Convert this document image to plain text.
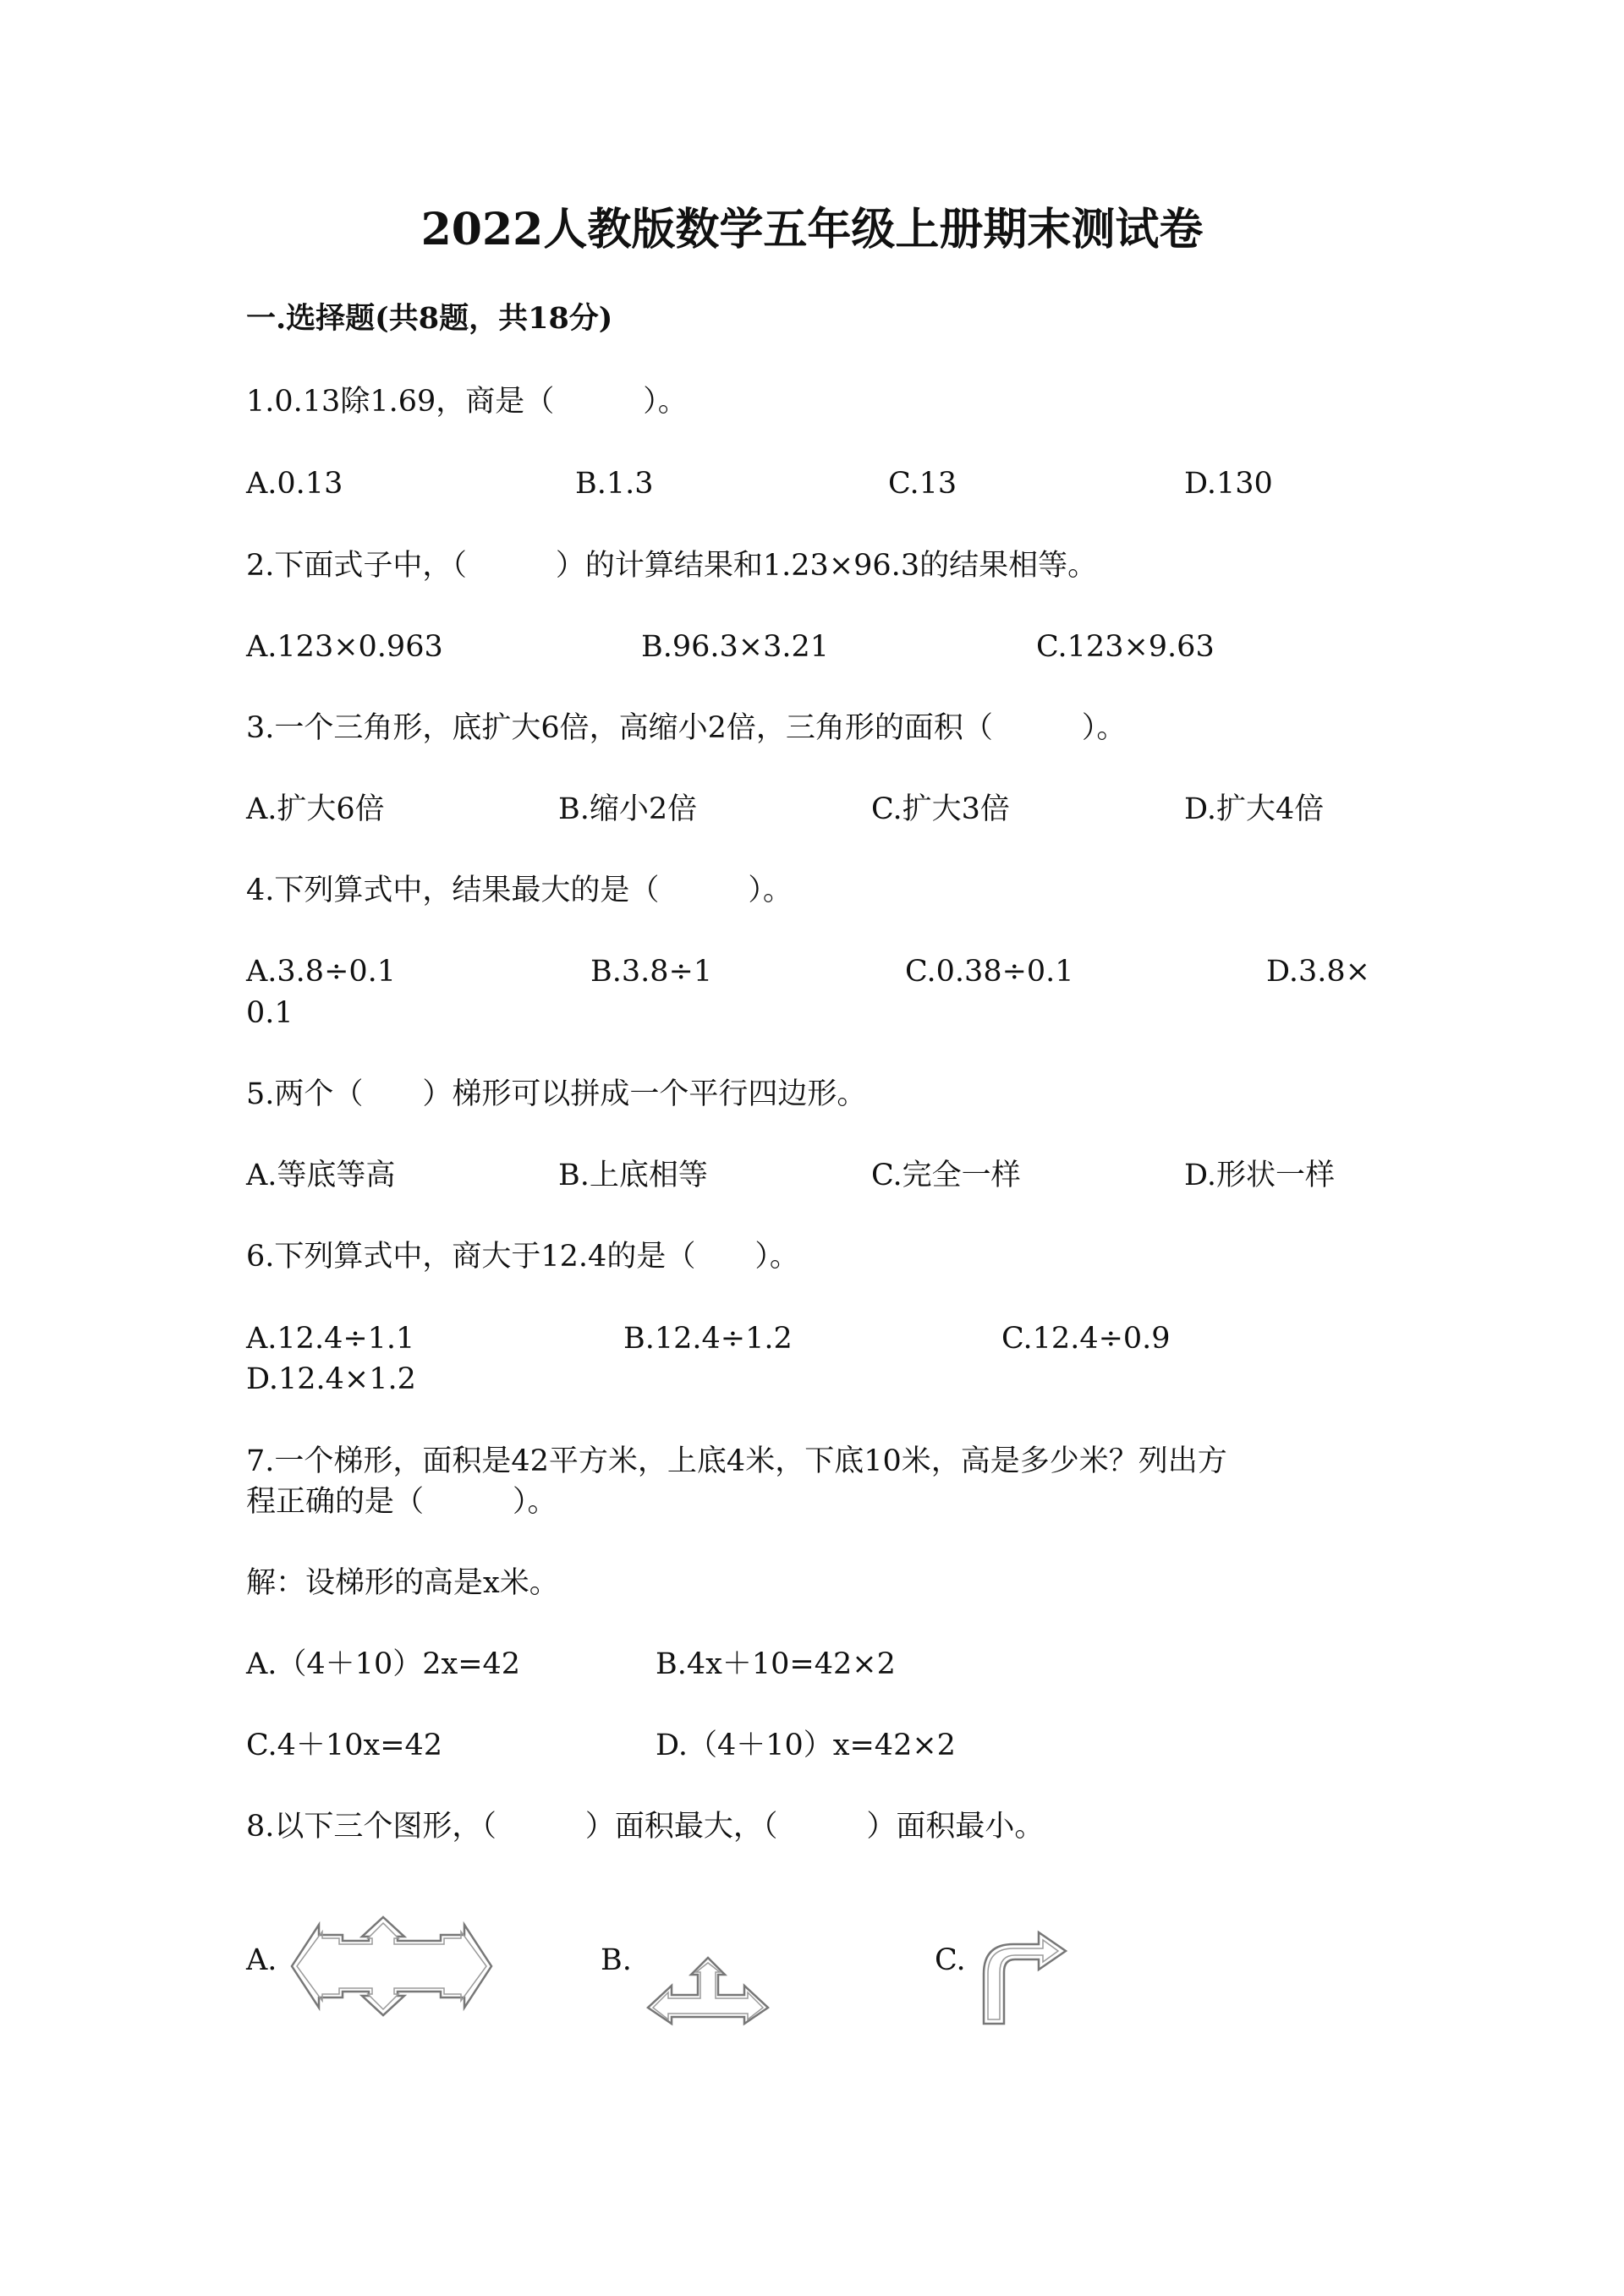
2022人教版数学五年级上册期末测试卷
一.选择题(共8题，共18分)
1.0.13除1.69，商是（　　　）。
A.0.13	B.1.3	C.13	D.130
2.下面式子中，（　　　）的计算结果和1.23×96.3的结果相等。
A.123×0.963	B.96.3×3.21	C.123×9.63
3.一个三角形，底扩大6倍，高缩小2倍，三角形的面积（　　　）。
A.扩大6倍	B.缩小2倍	C.扩大3倍	D.扩大4倍
4.下列算式中，结果最大的是（　　　）。
A.3.8÷0.1	B.3.8÷1	C.0.38÷0.1	D.3.8×
0.1
5.两个（　　）梯形可以拼成一个平行四边形。
A.等底等高	B.上底相等	C.完全一样	D.形状一样
6.下列算式中，商大于12.4的是（　　）。
A.12.4÷1.1	B.12.4÷1.2	C.12.4÷0.9
D.12.4×1.2
7.一个梯形，面积是42平方米，上底4米，下底10米，高是多少米？列出方
程正确的是（　　　）。
解：设梯形的高是x米。
A.（4＋10）2x=42	B.4x＋10=42×2
C.4＋10x=42	D.（4＋10）x=42×2
8.以下三个图形，（　　　）面积最大，（　　　）面积最小。
A.	B.	C.
